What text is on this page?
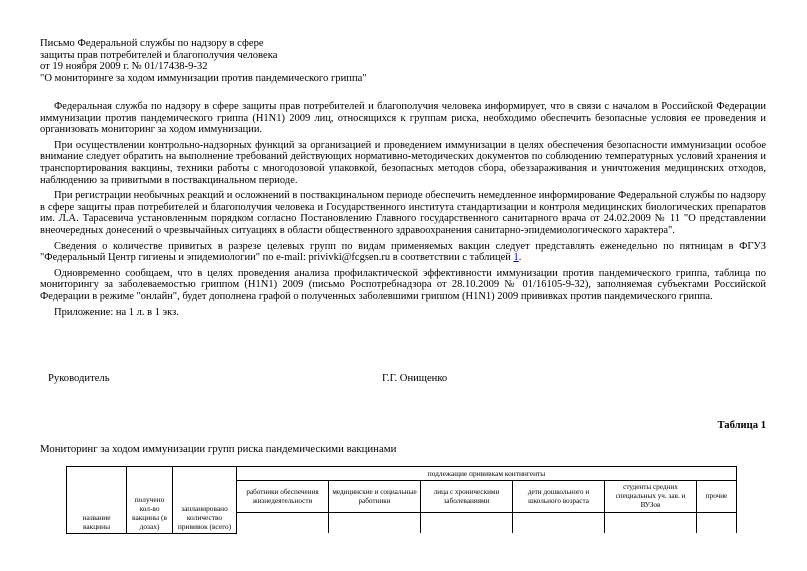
Письмо Федеральной службы по надзору в сфере
защиты прав потребителей и благополучия человека
от 19 ноября 2009 г. № 01/17438-9-32
"О мониторинге за ходом иммунизации против пандемического гриппа"

Федеральная служба по надзору в сфере защиты прав потребителей и благополучия человека информирует, что в связи с началом в Российской Федерации иммунизации против пандемического гриппа (H1N1) 2009 лиц, относящихся к группам риска, необходимо обеспечить безопасные условия ее проведения и организовать мониторинг за ходом иммунизации.

При осуществлении контрольно-надзорных функций за организацией и проведением иммунизации в целях обеспечения безопасности иммунизации особое внимание следует обратить на выполнение требований действующих нормативно-методических документов по соблюдению температурных условий хранения и транспортирования вакцины, техники работы с многодозовой упаковкой, безопасных методов сбора, обеззараживания и уничтожения медицинских отходов, наблюдению за привитыми в поствакцинальном периоде.

При регистрации необычных реакций и осложнений в поствакцинальном периоде обеспечить немедленное информирование Федеральной службы по надзору в сфере защиты прав потребителей и благополучия человека и Государственного института стандартизации и контроля медицинских биологических препаратов им. Л.А. Тарасевича установленным порядком согласно Постановлению Главного государственного санитарного врача от 24.02.2009 № 11 "О представлении внеочередных донесений о чрезвычайных ситуациях в области общественного здравоохранения санитарно-эпидемиологического характера".

Сведения о количестве привитых в разрезе целевых групп по видам применяемых вакцин следует представлять еженедельно по пятницам в ФГУЗ "Федеральный Центр гигиены и эпидемиологии" по e-mail: privivki@fcgsen.ru в соответствии с таблицей 1.

Одновременно сообщаем, что в целях проведения анализа профилактической эффективности иммунизации против пандемического гриппа, таблица по мониторингу за заболеваемостью гриппом (H1N1) 2009 (письмо Роспотребнадзора от 28.10.2009 № 01/16105-9-32), заполняемая субъектами Российской Федерации в режиме "онлайн", будет дополнена графой о полученных заболевшими гриппом (H1N1) 2009 прививках против пандемического гриппа.

Приложение: на 1 л. в 1 экз.

Руководитель	Г.Г. Онищенко
Таблица 1
Мониторинг за ходом иммунизации групп риска пандемическими вакцинами
название вакцины	получено кол-во вакцины (в дозах)	запланировано количество прививок (всего)	подлежащие прививкам контингенты					
			работники обеспечения жизнедеятельности	медицинские и социальные работники	лица с хроническими заболеваниями	дети дошкольного и школьного возраста	студенты средних специальных уч. зав. и ВУЗов	прочие
